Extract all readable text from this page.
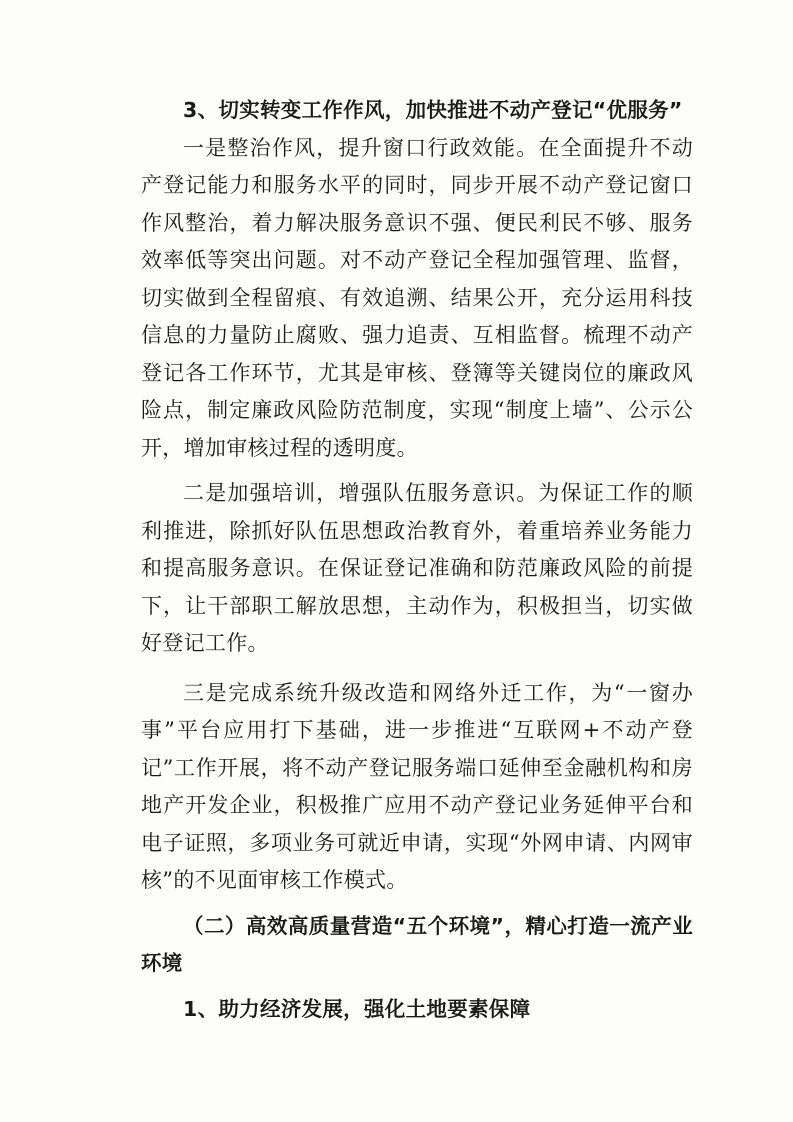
3、切实转变工作作风，加快推进不动产登记“优服务”

一是整治作风，提升窗口行政效能。在全面提升不动产登记能力和服务水平的同时，同步开展不动产登记窗口作风整治，着力解决服务意识不强、便民利民不够、服务效率低等突出问题。对不动产登记全程加强管理、监督，切实做到全程留痕、有效追溯、结果公开，充分运用科技信息的力量防止腐败、强力追责、互相监督。梳理不动产登记各工作环节，尤其是审核、登簿等关键岗位的廉政风险点，制定廉政风险防范制度，实现“制度上墙”、公示公开，增加审核过程的透明度。

二是加强培训，增强队伍服务意识。为保证工作的顺利推进，除抓好队伍思想政治教育外，着重培养业务能力和提高服务意识。在保证登记准确和防范廉政风险的前提下，让干部职工解放思想，主动作为，积极担当，切实做好登记工作。

三是完成系统升级改造和网络外迁工作，为“一窗办事”平台应用打下基础，进一步推进“互联网+不动产登记”工作开展，将不动产登记服务端口延伸至金融机构和房地产开发企业，积极推广应用不动产登记业务延伸平台和电子证照，多项业务可就近申请，实现“外网申请、内网审核”的不见面审核工作模式。

（二）高效高质量营造“五个环境”，精心打造一流产业环境

1、助力经济发展，强化土地要素保障
